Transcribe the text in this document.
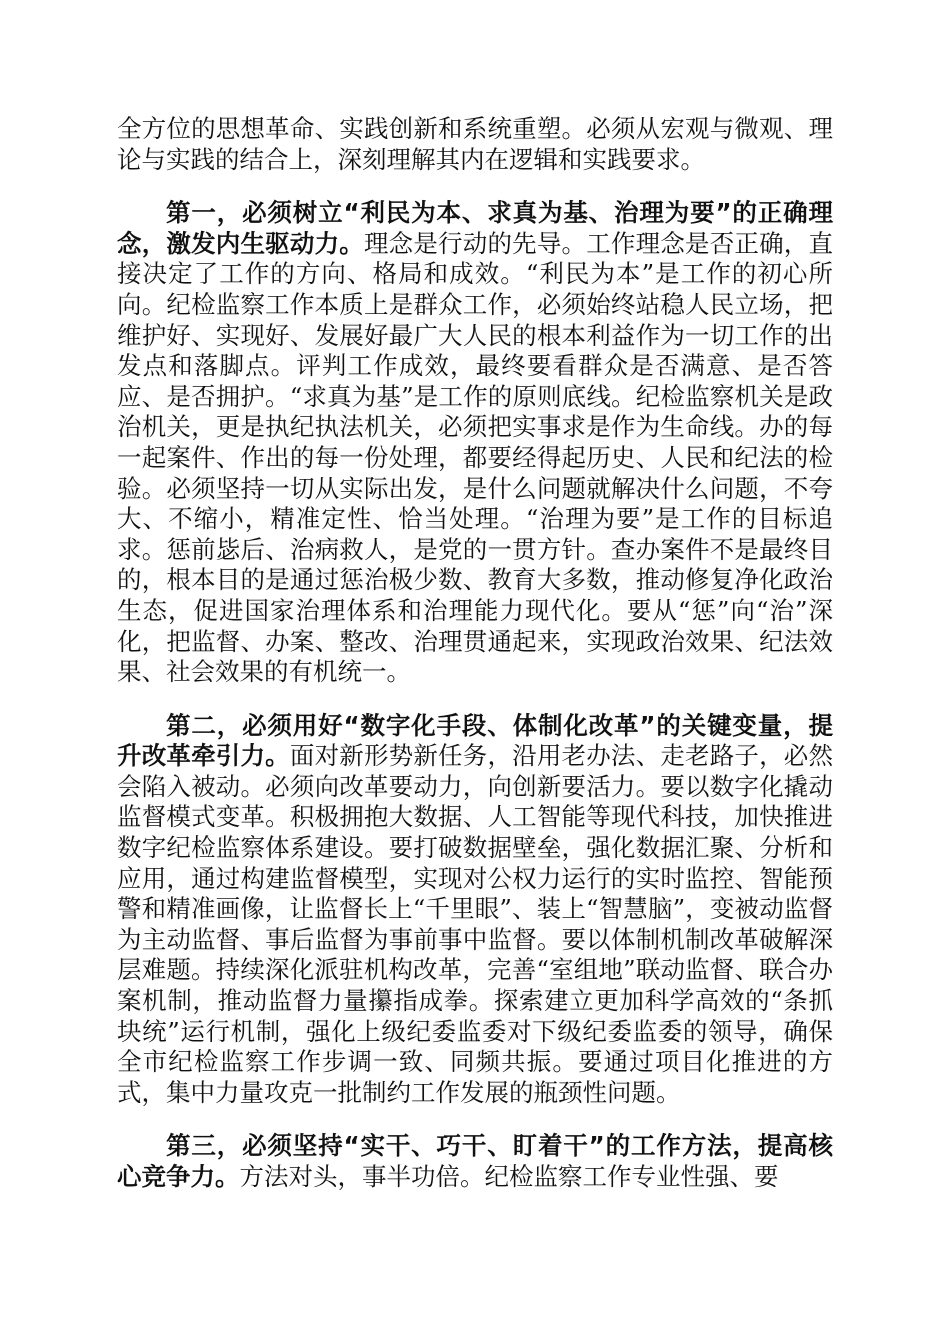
全方位的思想革命、实践创新和系统重塑。必须从宏观与微观、理论与实践的结合上，深刻理解其内在逻辑和实践要求。

第一，必须树立“利民为本、求真为基、治理为要”的正确理念，激发内生驱动力。理念是行动的先导。工作理念是否正确，直接决定了工作的方向、格局和成效。“利民为本”是工作的初心所向。纪检监察工作本质上是群众工作，必须始终站稳人民立场，把维护好、实现好、发展好最广大人民的根本利益作为一切工作的出发点和落脚点。评判工作成效，最终要看群众是否满意、是否答应、是否拥护。“求真为基”是工作的原则底线。纪检监察机关是政治机关，更是执纪执法机关，必须把实事求是作为生命线。办的每一起案件、作出的每一份处理，都要经得起历史、人民和纪法的检验。必须坚持一切从实际出发，是什么问题就解决什么问题，不夸大、不缩小，精准定性、恰当处理。“治理为要”是工作的目标追求。惩前毖后、治病救人，是党的一贯方针。查办案件不是最终目的，根本目的是通过惩治极少数、教育大多数，推动修复净化政治生态，促进国家治理体系和治理能力现代化。要从“惩”向“治”深化，把监督、办案、整改、治理贯通起来，实现政治效果、纪法效果、社会效果的有机统一。

第二，必须用好“数字化手段、体制化改革”的关键变量，提升改革牵引力。面对新形势新任务，沿用老办法、走老路子，必然会陷入被动。必须向改革要动力，向创新要活力。要以数字化撬动监督模式变革。积极拥抱大数据、人工智能等现代科技，加快推进数字纪检监察体系建设。要打破数据壁垒，强化数据汇聚、分析和应用，通过构建监督模型，实现对公权力运行的实时监控、智能预警和精准画像，让监督长上“千里眼”、装上“智慧脑”，变被动监督为主动监督、事后监督为事前事中监督。要以体制机制改革破解深层难题。持续深化派驻机构改革，完善“室组地”联动监督、联合办案机制，推动监督力量攥指成拳。探索建立更加科学高效的“条抓块统”运行机制，强化上级纪委监委对下级纪委监委的领导，确保全市纪检监察工作步调一致、同频共振。要通过项目化推进的方式，集中力量攻克一批制约工作发展的瓶颈性问题。

第三，必须坚持“实干、巧干、盯着干”的工作方法，提高核心竞争力。方法对头，事半功倍。纪检监察工作专业性强、要
